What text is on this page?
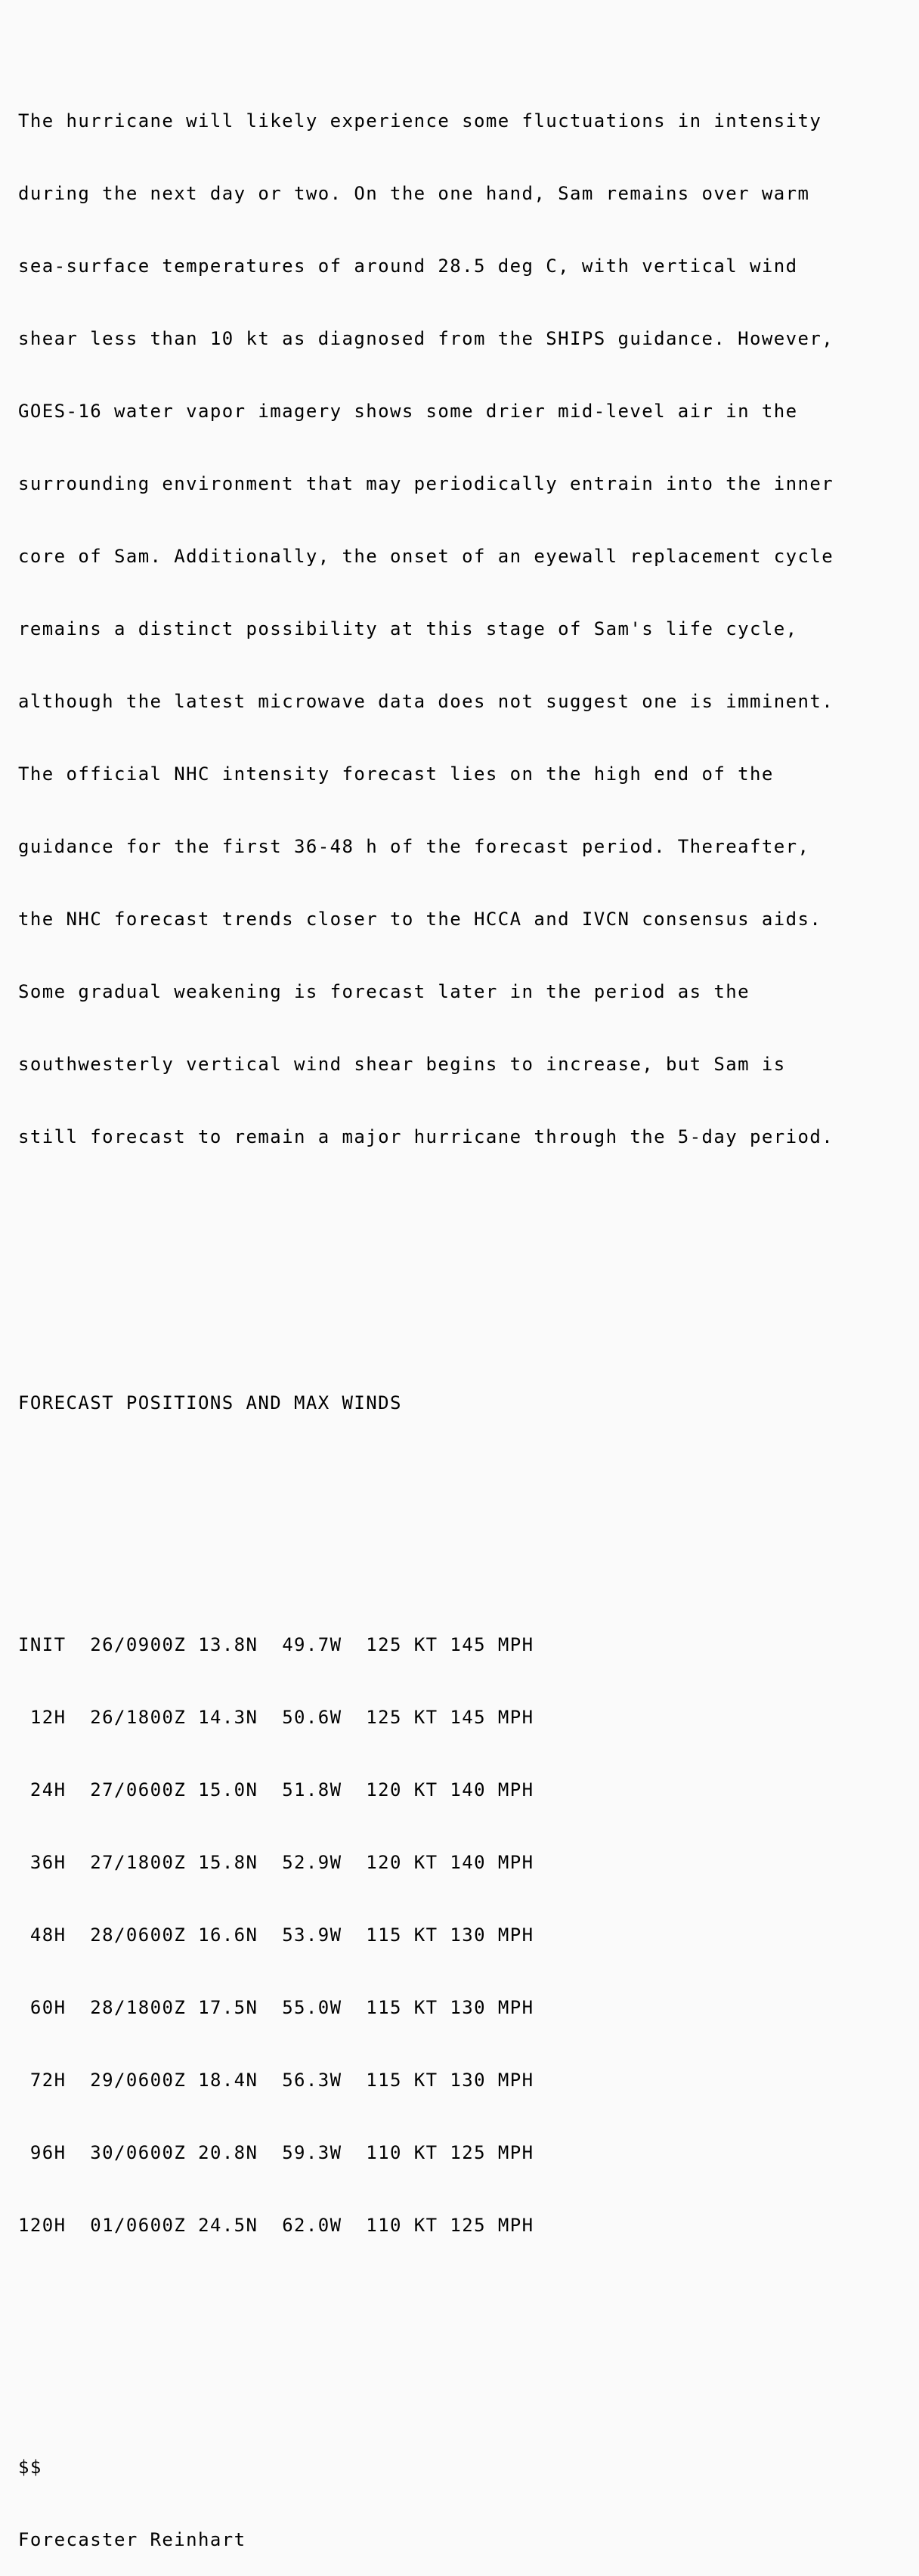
The hurricane will likely experience some fluctuations in intensity

during the next day or two. On the one hand, Sam remains over warm

sea-surface temperatures of around 28.5 deg C, with vertical wind

shear less than 10 kt as diagnosed from the SHIPS guidance. However,

GOES-16 water vapor imagery shows some drier mid-level air in the

surrounding environment that may periodically entrain into the inner

core of Sam. Additionally, the onset of an eyewall replacement cycle

remains a distinct possibility at this stage of Sam's life cycle,

although the latest microwave data does not suggest one is imminent.

The official NHC intensity forecast lies on the high end of the

guidance for the first 36-48 h of the forecast period. Thereafter,

the NHC forecast trends closer to the HCCA and IVCN consensus aids.

Some gradual weakening is forecast later in the period as the

southwesterly vertical wind shear begins to increase, but Sam is

still forecast to remain a major hurricane through the 5-day period.

FORECAST POSITIONS AND MAX WINDS

INIT 26/0900Z 13.8N 49.7W 125 KT 145 MPH

12H 26/1800Z 14.3N 50.6W 125 KT 145 MPH

24H 27/0600Z 15.0N 51.8W 120 KT 140 MPH

36H 27/1800Z 15.8N 52.9W 120 KT 140 MPH

48H 28/0600Z 16.6N 53.9W 115 KT 130 MPH

60H 28/1800Z 17.5N 55.0W 115 KT 130 MPH

72H 29/0600Z 18.4N 56.3W 115 KT 130 MPH

96H 30/0600Z 20.8N 59.3W 110 KT 125 MPH

120H 01/0600Z 24.5N 62.0W 110 KT 125 MPH

$$

Forecaster Reinhart
